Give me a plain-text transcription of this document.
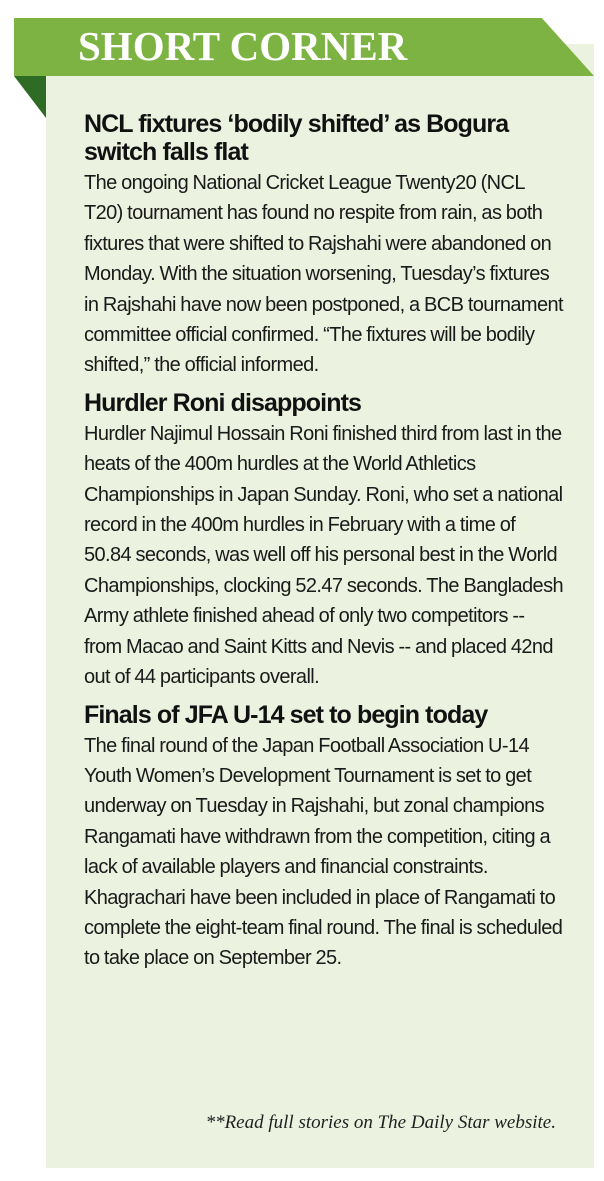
SHORT CORNER
NCL fixtures ‘bodily shifted’ as Bogura switch falls flat

The ongoing National Cricket League Twenty20 (NCL T20) tournament has found no respite from rain, as both fixtures that were shifted to Rajshahi were abandoned on Monday. With the situation worsening, Tuesday’s fixtures in Rajshahi have now been postponed, a BCB tournament committee official confirmed. “The fixtures will be bodily shifted,” the official informed.

Hurdler Roni disappoints

Hurdler Najimul Hossain Roni finished third from last in the heats of the 400m hurdles at the World Athletics Championships in Japan Sunday. Roni, who set a national record in the 400m hurdles in February with a time of 50.84 seconds, was well off his personal best in the World Championships, clocking 52.47 seconds. The Bangladesh Army athlete finished ahead of only two competitors -- from Macao and Saint Kitts and Nevis -- and placed 42nd out of 44 participants overall.

Finals of JFA U-14 set to begin today

The final round of the Japan Football Association U-14 Youth Women’s Development Tournament is set to get underway on Tuesday in Rajshahi, but zonal champions Rangamati have withdrawn from the competition, citing a lack of available players and financial constraints. Khagrachari have been included in place of Rangamati to complete the eight-team final round. The final is scheduled to take place on September 25.

**Read full stories on The Daily Star website.
